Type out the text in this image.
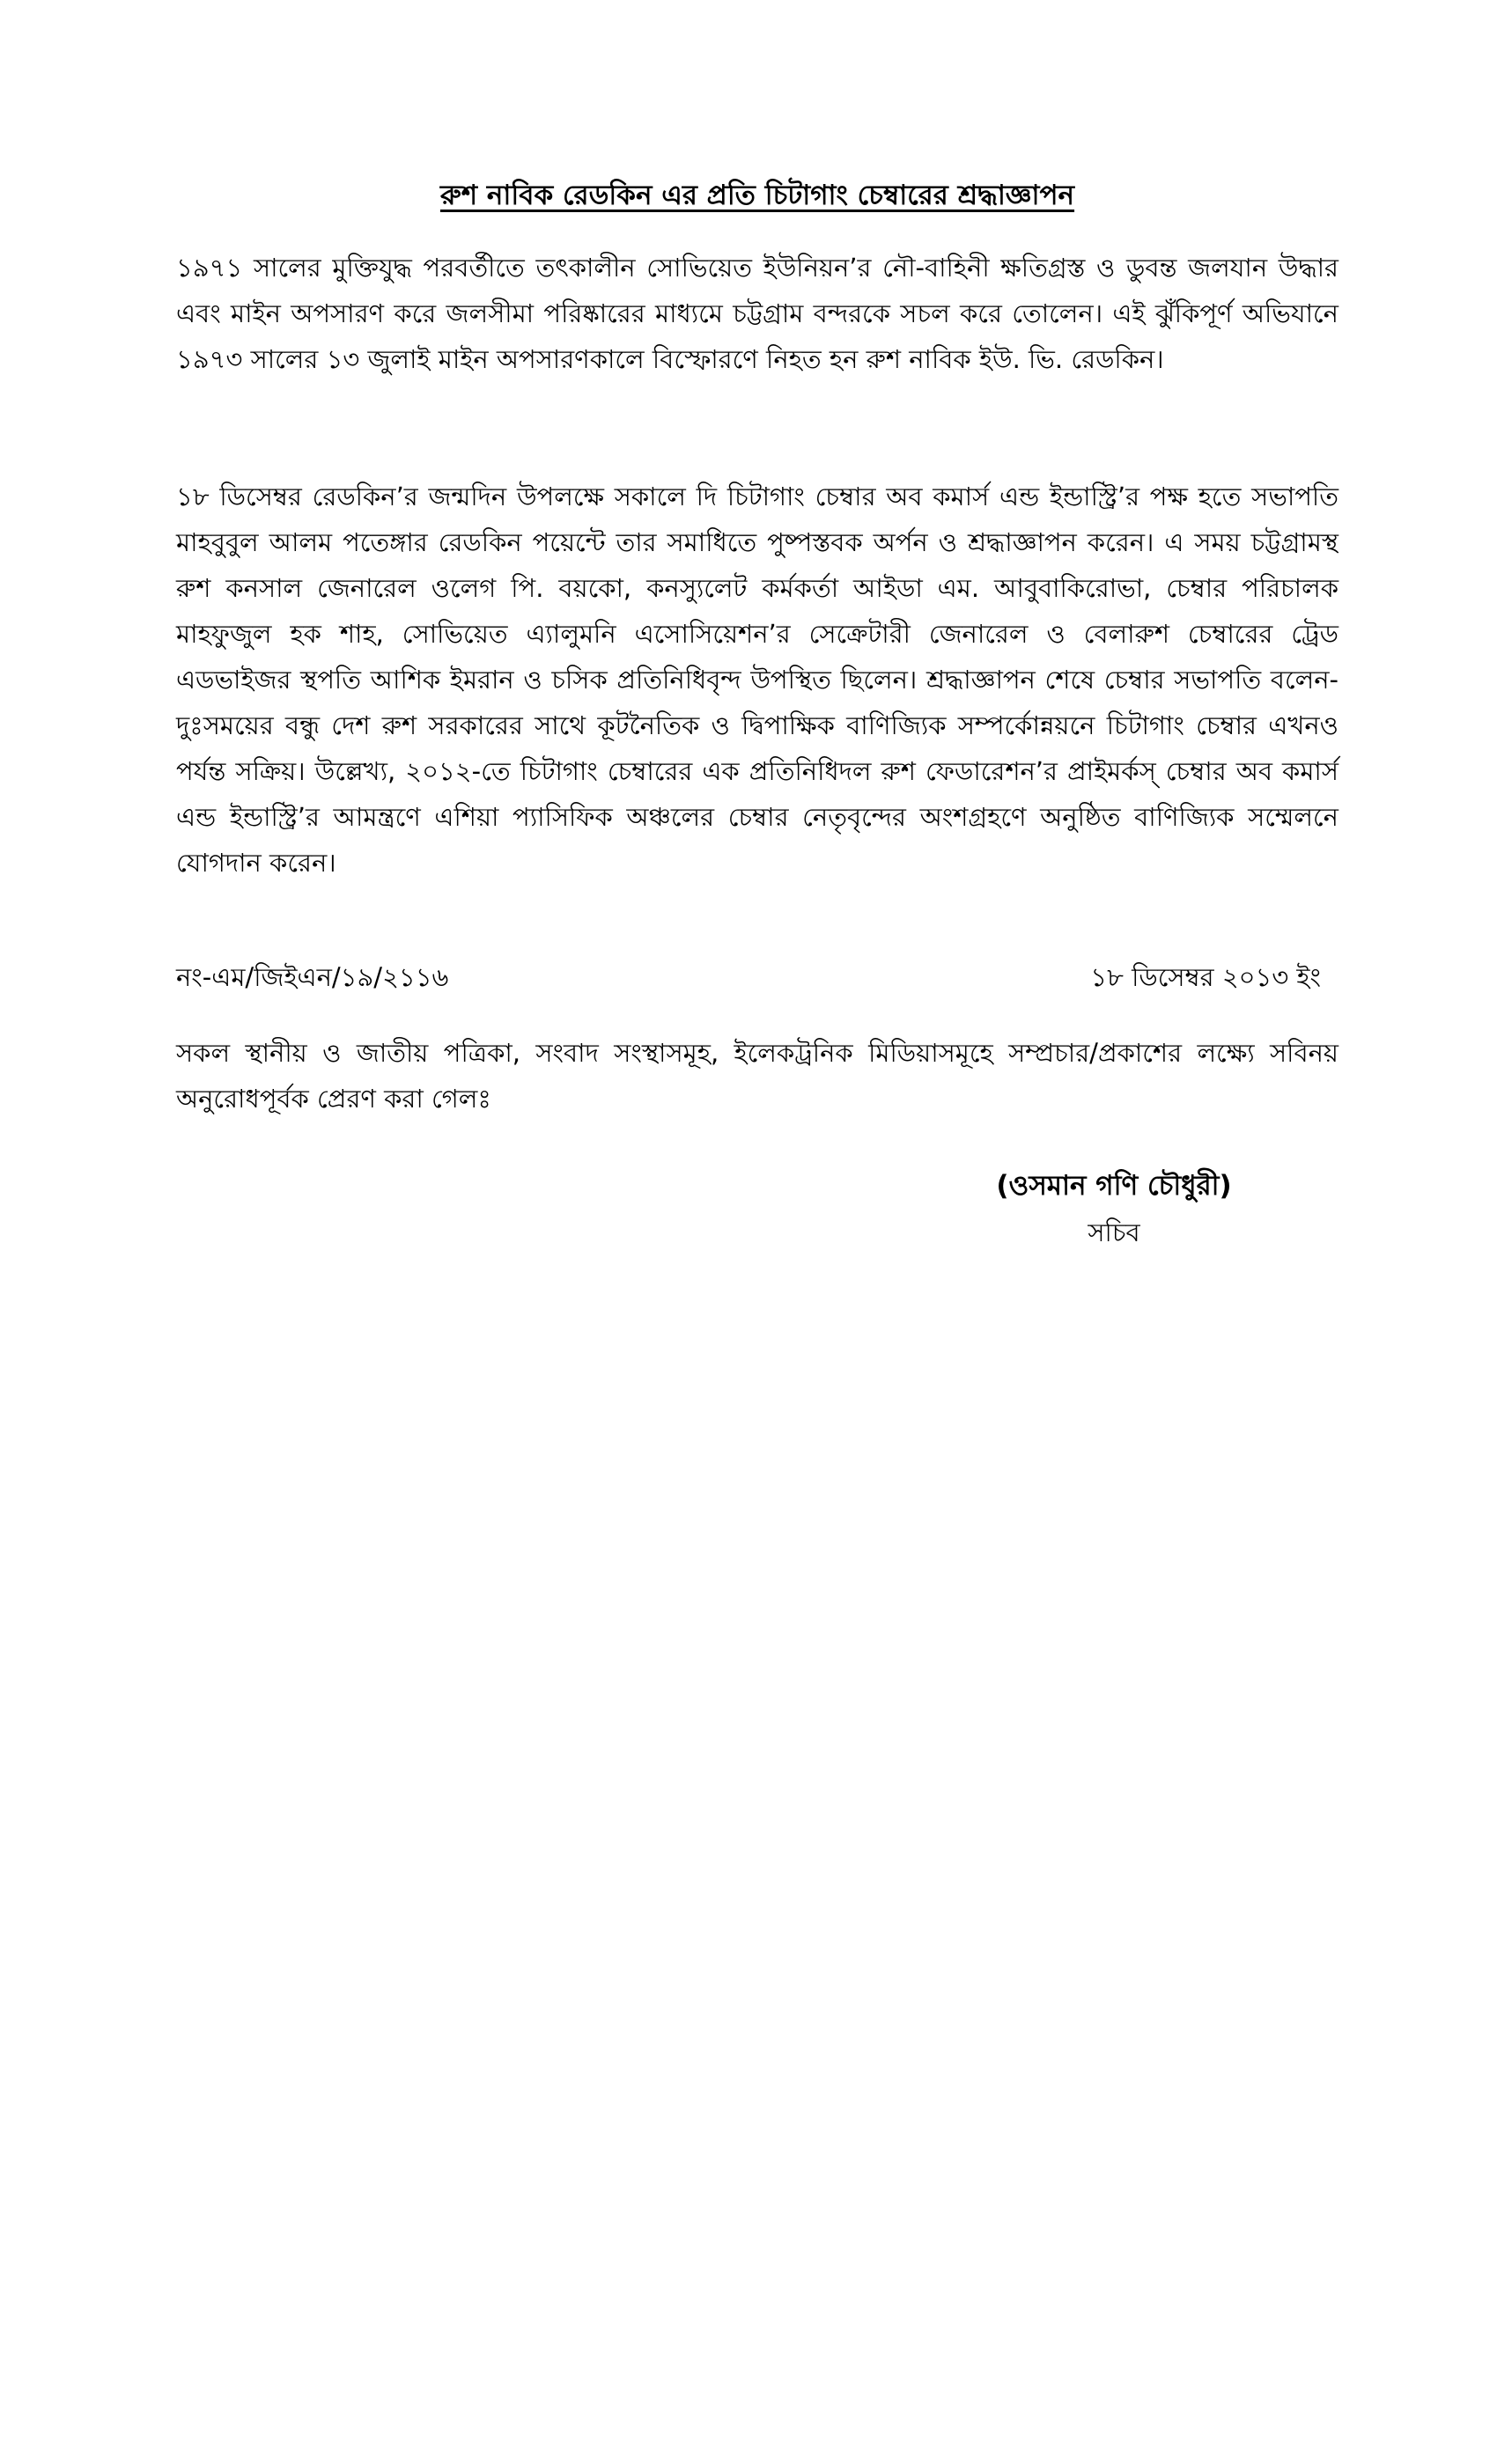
রুশ নাবিক রেডকিন এর প্রতি চিটাগাং চেম্বারের শ্রদ্ধাজ্ঞাপন

১৯৭১ সালের মুক্তিযুদ্ধ পরবর্তীতে তৎকালীন সোভিয়েত ইউনিয়ন’র নৌ-বাহিনী ক্ষতিগ্রস্ত ও ডুবন্ত জলযান উদ্ধার এবং মাইন অপসারণ করে জলসীমা পরিষ্কারের মাধ্যমে চট্টগ্রাম বন্দরকে সচল করে তোলেন। এই ঝুঁকিপূর্ণ অভিযানে ১৯৭৩ সালের ১৩ জুলাই মাইন অপসারণকালে বিস্ফোরণে নিহত হন রুশ নাবিক ইউ. ভি. রেডকিন।

১৮ ডিসেম্বর রেডকিন’র জন্মদিন উপলক্ষে সকালে দি চিটাগাং চেম্বার অব কমার্স এন্ড ইন্ডাস্ট্রি’র পক্ষ হতে সভাপতি মাহবুবুল আলম পতেঙ্গার রেডকিন পয়েন্টে তার সমাধিতে পুষ্পস্তবক অর্পন ও শ্রদ্ধাজ্ঞাপন করেন। এ সময় চট্টগ্রামস্থ রুশ কনসাল জেনারেল ওলেগ পি. বয়কো, কনস্যুলেট কর্মকর্তা আইডা এম. আবুবাকিরোভা, চেম্বার পরিচালক মাহফুজুল হক শাহ, সোভিয়েত এ্যালুমনি এসোসিয়েশন’র সেক্রেটারী জেনারেল ও বেলারুশ চেম্বারের ট্রেড এডভাইজর স্থপতি আশিক ইমরান ও চসিক প্রতিনিধিবৃন্দ উপস্থিত ছিলেন। শ্রদ্ধাজ্ঞাপন শেষে চেম্বার সভাপতি বলেন- দুঃসময়ের বন্ধু দেশ রুশ সরকারের সাথে কূটনৈতিক ও দ্বিপাক্ষিক বাণিজ্যিক সম্পর্কোন্নয়নে চিটাগাং চেম্বার এখনও পর্যন্ত সক্রিয়। উল্লেখ্য, ২০১২-তে চিটাগাং চেম্বারের এক প্রতিনিধিদল রুশ ফেডারেশন’র প্রাইমর্কস্ চেম্বার অব কমার্স এন্ড ইন্ডাস্ট্রি’র আমন্ত্রণে এশিয়া প্যাসিফিক অঞ্চলের চেম্বার নেতৃবৃন্দের অংশগ্রহণে অনুষ্ঠিত বাণিজ্যিক সম্মেলনে যোগদান করেন।

নং-এম/জিইএন/১৯/২১১৬	১৮ ডিসেম্বর ২০১৩ ইং

সকল স্থানীয় ও জাতীয় পত্রিকা, সংবাদ সংস্থাসমূহ, ইলেকট্রনিক মিডিয়াসমূহে সম্প্রচার/প্রকাশের লক্ষ্যে সবিনয় অনুরোধপূর্বক প্রেরণ করা গেলঃ

(ওসমান গণি চৌধুরী)
সচিব
